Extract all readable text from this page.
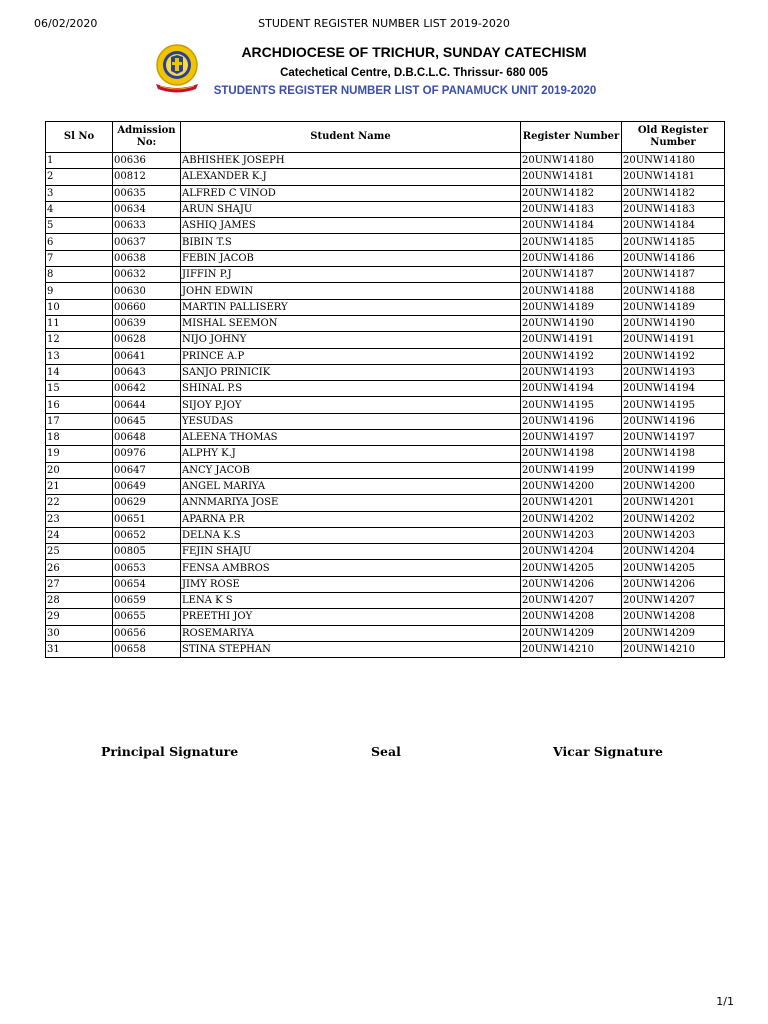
06/02/2020	STUDENT REGISTER NUMBER LIST 2019-2020
ARCHDIOCESE OF TRICHUR, SUNDAY CATECHISM
Catechetical Centre, D.B.C.L.C. Thrissur- 680 005
STUDENTS REGISTER NUMBER LIST OF PANAMUCK UNIT 2019-2020
Sl No	Admission No:	Student Name	Register Number	Old Register Number
1	00636	ABHISHEK JOSEPH	20UNW14180	20UNW14180
2	00812	ALEXANDER K.J	20UNW14181	20UNW14181
3	00635	ALFRED C VINOD	20UNW14182	20UNW14182
4	00634	ARUN SHAJU	20UNW14183	20UNW14183
5	00633	ASHIQ JAMES	20UNW14184	20UNW14184
6	00637	BIBIN T.S	20UNW14185	20UNW14185
7	00638	FEBIN JACOB	20UNW14186	20UNW14186
8	00632	JIFFIN P.J	20UNW14187	20UNW14187
9	00630	JOHN EDWIN	20UNW14188	20UNW14188
10	00660	MARTIN PALLISERY	20UNW14189	20UNW14189
11	00639	MISHAL SEEMON	20UNW14190	20UNW14190
12	00628	NIJO JOHNY	20UNW14191	20UNW14191
13	00641	PRINCE A.P	20UNW14192	20UNW14192
14	00643	SANJO PRINICIK	20UNW14193	20UNW14193
15	00642	SHINAL P.S	20UNW14194	20UNW14194
16	00644	SIJOY P.JOY	20UNW14195	20UNW14195
17	00645	YESUDAS	20UNW14196	20UNW14196
18	00648	ALEENA THOMAS	20UNW14197	20UNW14197
19	00976	ALPHY K.J	20UNW14198	20UNW14198
20	00647	ANCY JACOB	20UNW14199	20UNW14199
21	00649	ANGEL MARIYA	20UNW14200	20UNW14200
22	00629	ANNMARIYA JOSE	20UNW14201	20UNW14201
23	00651	APARNA P.R	20UNW14202	20UNW14202
24	00652	DELNA K.S	20UNW14203	20UNW14203
25	00805	FEJIN SHAJU	20UNW14204	20UNW14204
26	00653	FENSA AMBROS	20UNW14205	20UNW14205
27	00654	JIMY ROSE	20UNW14206	20UNW14206
28	00659	LENA K S	20UNW14207	20UNW14207
29	00655	PREETHI JOY	20UNW14208	20UNW14208
30	00656	ROSEMARIYA	20UNW14209	20UNW14209
31	00658	STINA STEPHAN	20UNW14210	20UNW14210
Principal Signature	Seal	Vicar Signature
1/1
